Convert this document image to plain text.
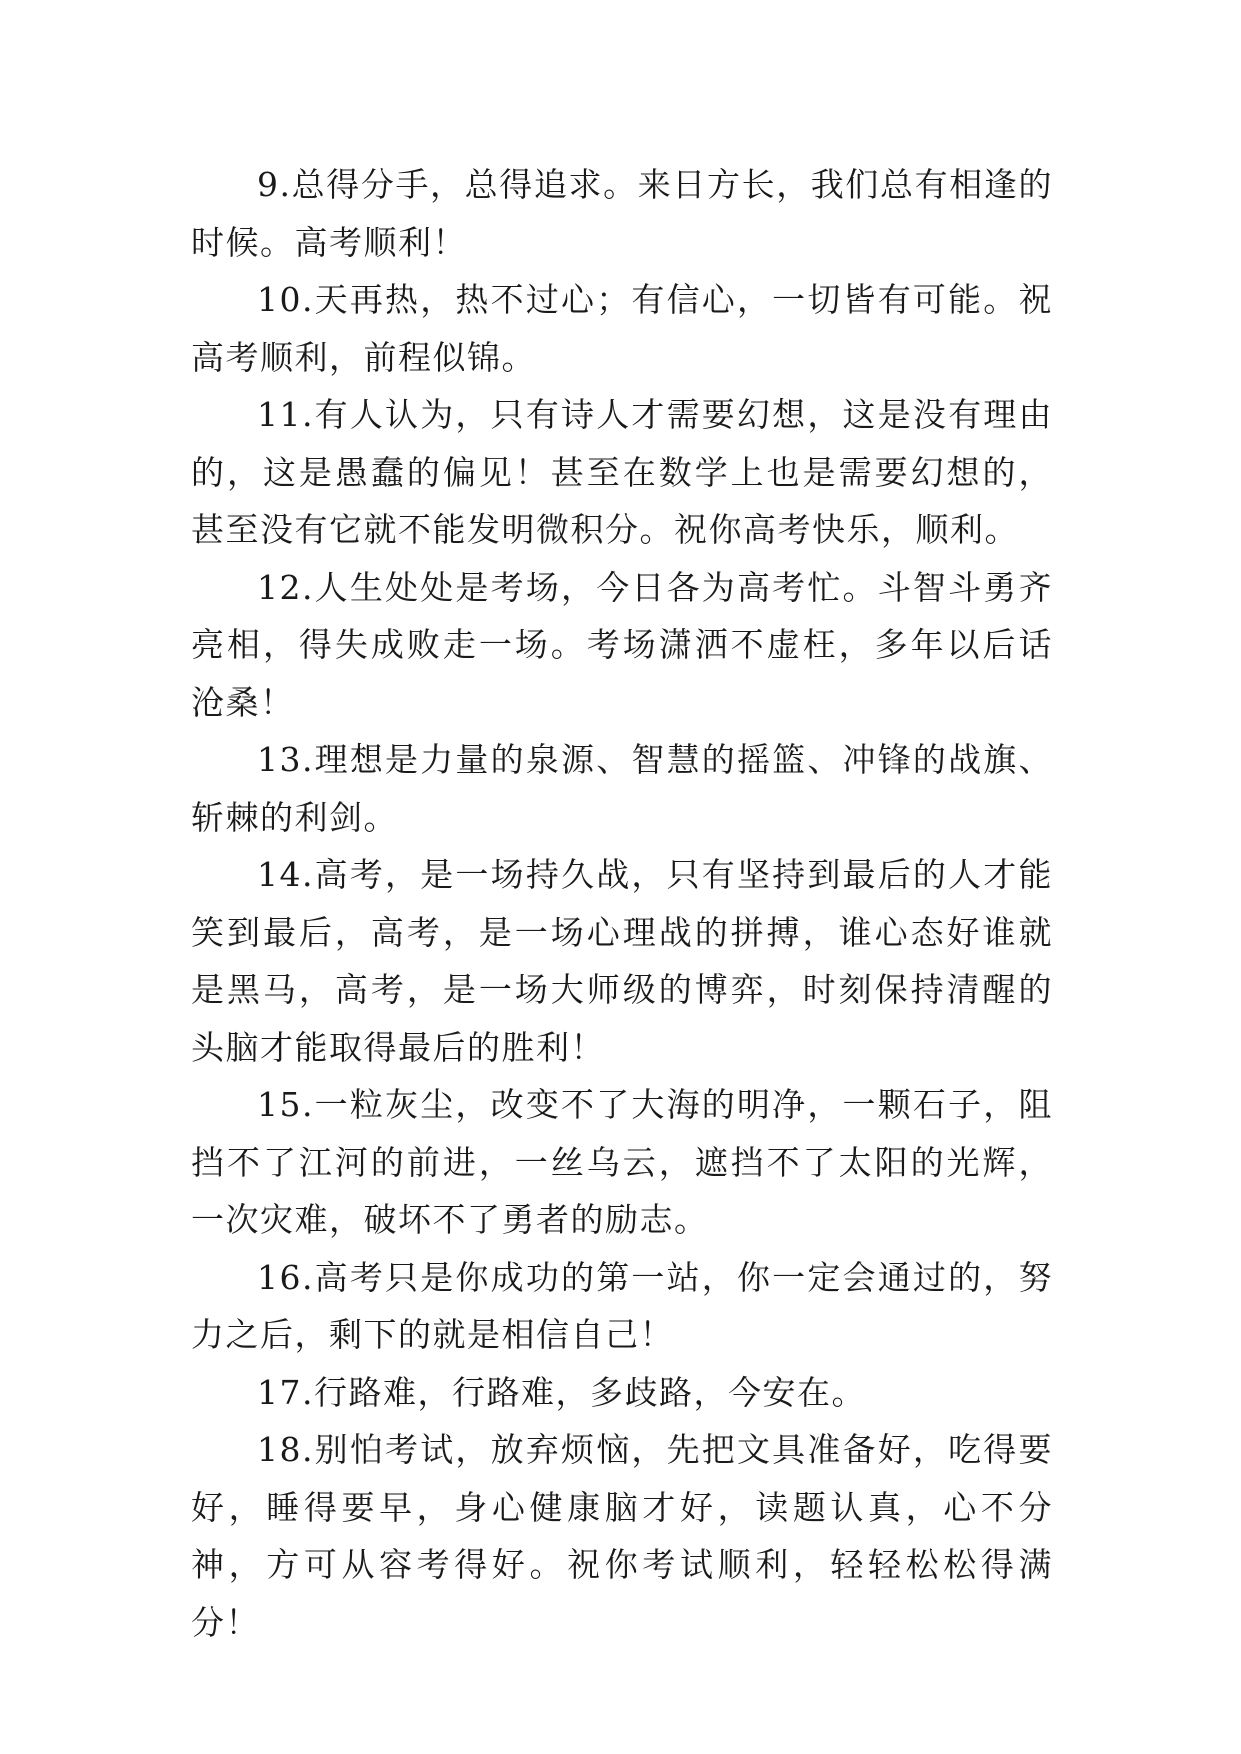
9.总得分手，总得追求。来日方长，我们总有相逢的时候。高考顺利！

10.天再热，热不过心；有信心，一切皆有可能。祝高考顺利，前程似锦。

11.有人认为，只有诗人才需要幻想，这是没有理由的，这是愚蠢的偏见！甚至在数学上也是需要幻想的，甚至没有它就不能发明微积分。祝你高考快乐，顺利。

12.人生处处是考场，今日各为高考忙。斗智斗勇齐亮相，得失成败走一场。考场潇洒不虚枉，多年以后话沧桑！

13.理想是力量的泉源、智慧的摇篮、冲锋的战旗、斩棘的利剑。

14.高考，是一场持久战，只有坚持到最后的人才能笑到最后，高考，是一场心理战的拼搏，谁心态好谁就是黑马，高考，是一场大师级的博弈，时刻保持清醒的头脑才能取得最后的胜利！

15.一粒灰尘，改变不了大海的明净，一颗石子，阻挡不了江河的前进，一丝乌云，遮挡不了太阳的光辉，一次灾难，破坏不了勇者的励志。

16.高考只是你成功的第一站，你一定会通过的，努力之后，剩下的就是相信自己！

17.行路难，行路难，多歧路，今安在。

18.别怕考试，放弃烦恼，先把文具准备好，吃得要好，睡得要早，身心健康脑才好，读题认真，心不分神，方可从容考得好。祝你考试顺利，轻轻松松得满分！
